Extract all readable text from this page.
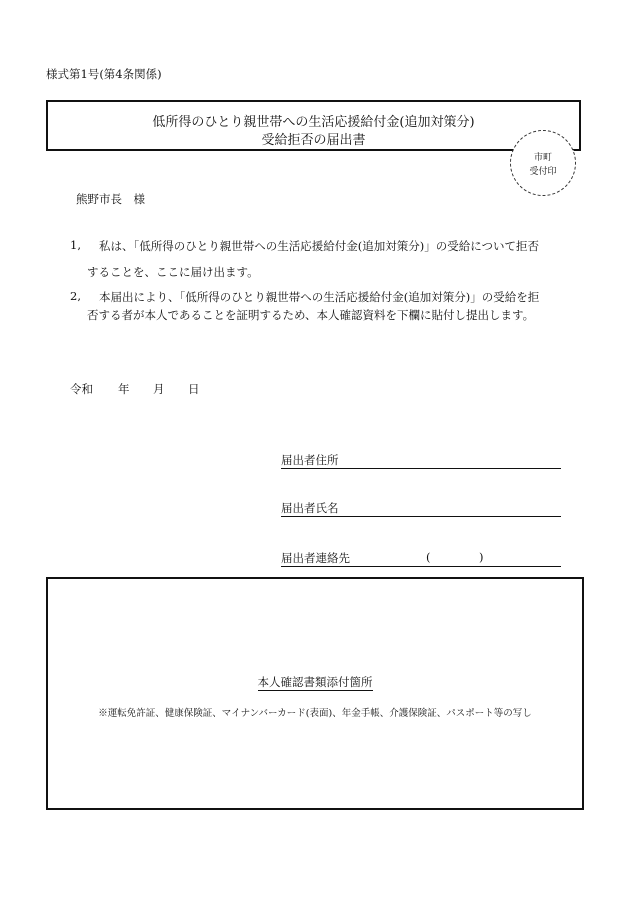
様式第1号(第4条関係)
低所得のひとり親世帯への生活応援給付金(追加対策分)
受給拒否の届出書
市町
受付印
熊野市長　様
1, 私は、「低所得のひとり親世帯への生活応援給付金(追加対策分)」の受給について拒否
することを、ここに届け出ます。
2, 本届出により、「低所得のひとり親世帯への生活応援給付金(追加対策分)」の受給を拒
否する者が本人であることを証明するため、本人確認資料を下欄に貼付し提出します。
令和 年 月 日
届出者住所
届出者氏名
届出者連絡先	(	)
本人確認書類添付箇所
※運転免許証、健康保険証、マイナンバーカード(表面)、年金手帳、介護保険証、パスポート等の写し
